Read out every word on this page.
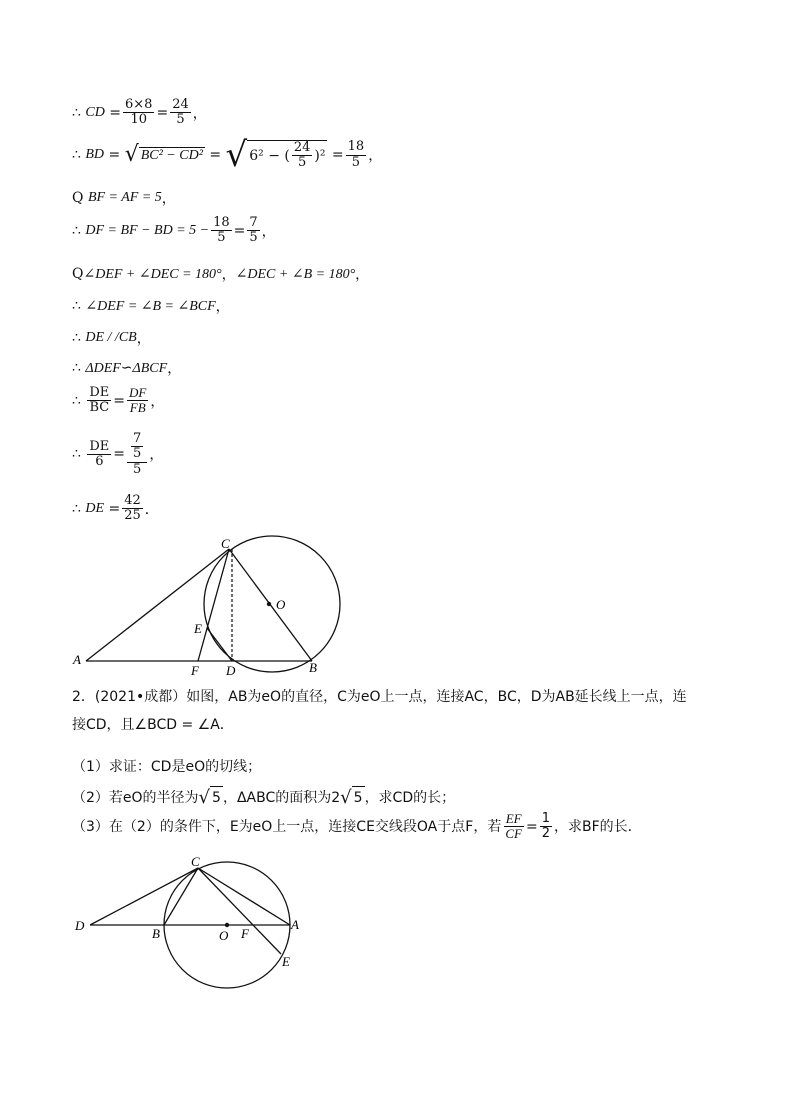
∴
CD
= $\frac{6\times 8}{10} = \frac{24}{5}$ ，
∴
BD
=
√ BC² − CD²
=
√ 6² − ( $\frac{24}{5} )^2$
= $\frac{18}{5}$ ，
Q
BF = AF = 5 ，
∴
DF = BF − BD = $5 - \frac{18}{5} = \frac{7}{5}$ ，
Q ∠DEF + ∠DEC = 180° ， ∠DEC + ∠B = 180° ，
∴
∠DEF = ∠B = ∠BCF ，
∴
DE / /CB ，
∴
ΔDEF∽ΔBCF ，
∴
$\frac{DE}{BC} = \frac{DF}{FB}$ ，
∴
$\frac{DE}{6} = \frac{\frac{7}{5}}{5}$ ，
∴
DE
= $\frac{42}{25}$ ．
C
O
E
A
F D	B
2．(2021•成都）如图，AB为eO的直径，C为eO上一点，连接AC，BC，D为AB延长线上一点，连
接CD，且∠BCD = ∠A．
（1）求证：CD是eO的切线；
（2）若eO的半径为 √ 5 ，ΔABC的面积为2 √ 5 ，求CD的长；
（3）在（2）的条件下，E为eO上一点，连接CE交线段OA于点F，若 $\frac{EF}{CF} = \frac{1}{2}$ ，求BF的长．
C
D
B	O F
A
E
